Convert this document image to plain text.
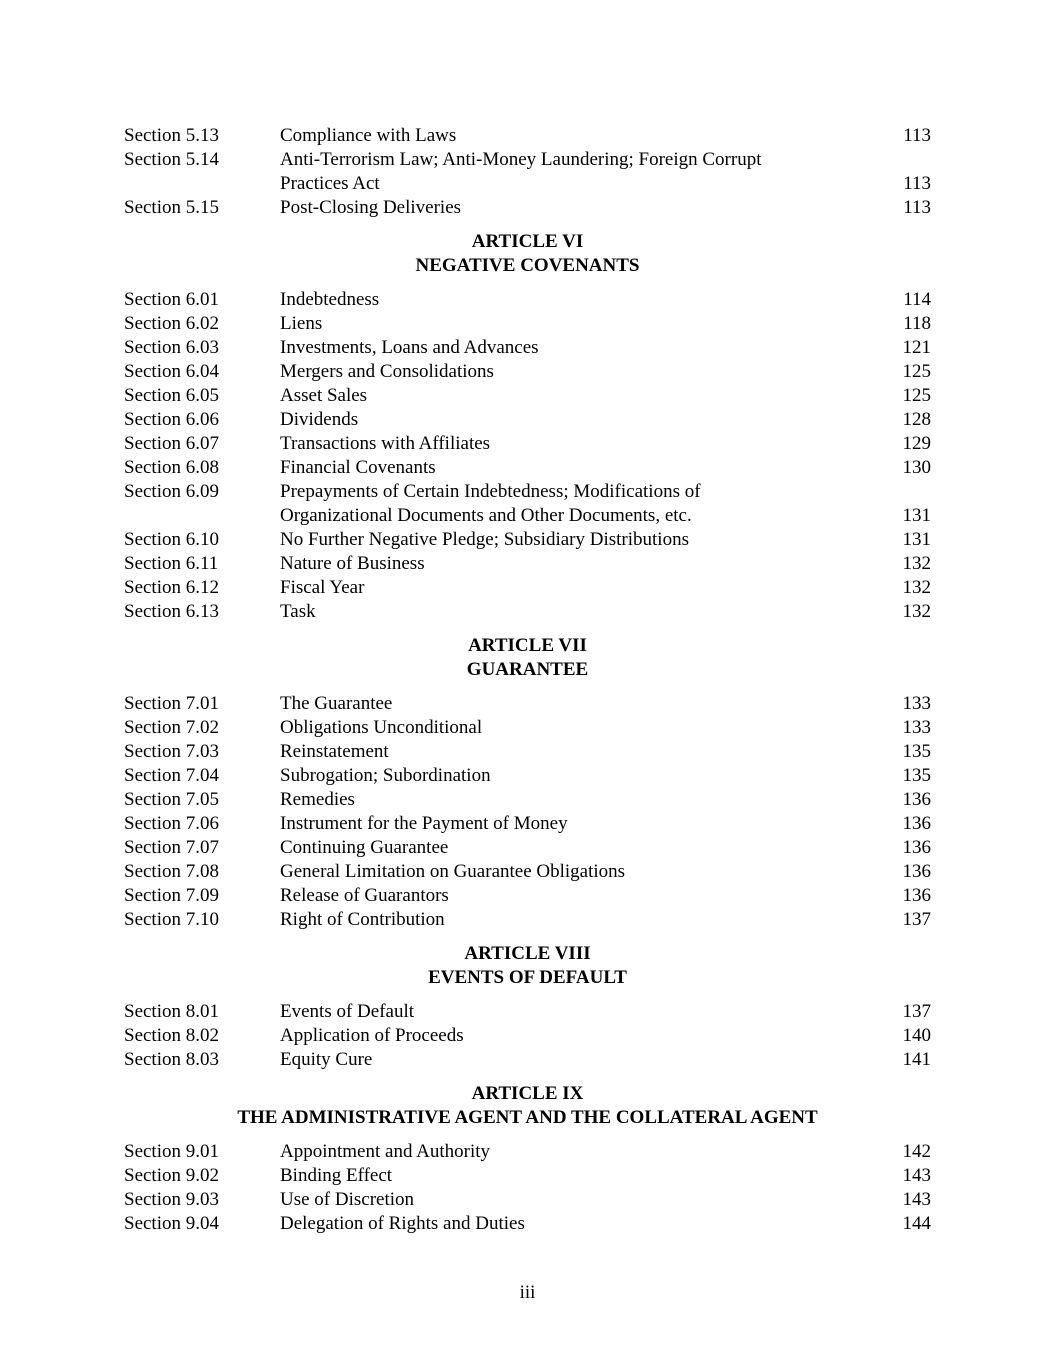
Section 5.13	Compliance with Laws	113
Section 5.14	Anti-Terrorism Law; Anti-Money Laundering; Foreign Corrupt
Practices Act	113
Section 5.15	Post-Closing Deliveries	113
ARTICLE VI
NEGATIVE COVENANTS
Section 6.01	Indebtedness	114
Section 6.02	Liens	118
Section 6.03	Investments, Loans and Advances	121
Section 6.04	Mergers and Consolidations	125
Section 6.05	Asset Sales	125
Section 6.06	Dividends	128
Section 6.07	Transactions with Affiliates	129
Section 6.08	Financial Covenants	130
Section 6.09	Prepayments of Certain Indebtedness; Modifications of
Organizational Documents and Other Documents, etc.	131
Section 6.10	No Further Negative Pledge; Subsidiary Distributions	131
Section 6.11	Nature of Business	132
Section 6.12	Fiscal Year	132
Section 6.13	Task	132
ARTICLE VII
GUARANTEE
Section 7.01	The Guarantee	133
Section 7.02	Obligations Unconditional	133
Section 7.03	Reinstatement	135
Section 7.04	Subrogation; Subordination	135
Section 7.05	Remedies	136
Section 7.06	Instrument for the Payment of Money	136
Section 7.07	Continuing Guarantee	136
Section 7.08	General Limitation on Guarantee Obligations	136
Section 7.09	Release of Guarantors	136
Section 7.10	Right of Contribution	137
ARTICLE VIII
EVENTS OF DEFAULT
Section 8.01	Events of Default	137
Section 8.02	Application of Proceeds	140
Section 8.03	Equity Cure	141
ARTICLE IX
THE ADMINISTRATIVE AGENT AND THE COLLATERAL AGENT
Section 9.01	Appointment and Authority	142
Section 9.02	Binding Effect	143
Section 9.03	Use of Discretion	143
Section 9.04	Delegation of Rights and Duties	144
iii
